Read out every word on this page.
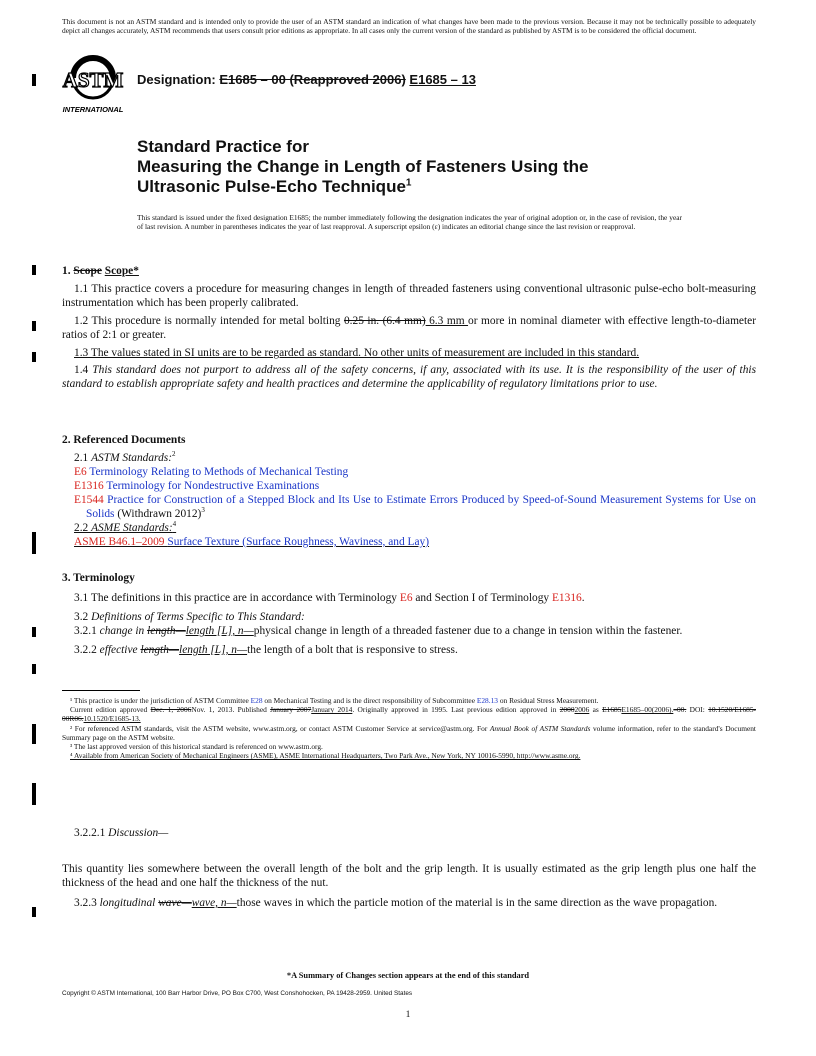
This document is not an ASTM standard and is intended only to provide the user of an ASTM standard an indication of what changes have been made to the previous version. Because it may not be technically possible to adequately depict all changes accurately, ASTM recommends that users consult prior editions as appropriate. In all cases only the current version of the standard as published by ASTM is to be considered the official document.
ASTM
INTERNATIONAL
Designation: E1685 – 00 (Reapproved 2006) E1685 – 13
Standard Practice for
Measuring the Change in Length of Fasteners Using the
Ultrasonic Pulse-Echo Technique$^1$
This standard is issued under the fixed designation E1685; the number immediately following the designation indicates the year of original adoption or, in the case of revision, the year of last revision. A number in parentheses indicates the year of last reapproval. A superscript epsilon (ε) indicates an editorial change since the last revision or reapproval.
1. Scope Scope*

1.1 This practice covers a procedure for measuring changes in length of threaded fasteners using conventional ultrasonic pulse-echo bolt-measuring instrumentation which has been properly calibrated.

1.2 This procedure is normally intended for metal bolting 0.25 in. (6.4 mm) 6.3 mm or more in nominal diameter with effective length-to-diameter ratios of 2:1 or greater.

1.3 The values stated in SI units are to be regarded as standard. No other units of measurement are included in this standard.

1.4 This standard does not purport to address all of the safety concerns, if any, associated with its use. It is the responsibility of the user of this standard to establish appropriate safety and health practices and determine the applicability of regulatory limitations prior to use.

2. Referenced Documents
2.1 ASTM Standards:$^2$
E6 Terminology Relating to Methods of Mechanical Testing
E1316 Terminology for Nondestructive Examinations
E1544 Practice for Construction of a Stepped Block and Its Use to Estimate Errors Produced by Speed-of-Sound Measurement Systems for Use on Solids (Withdrawn 2012)$^3$
2.2 ASME Standards:$^4$
ASME B46.1–2009 Surface Texture (Surface Roughness, Waviness, and Lay)
3. Terminology

3.1 The definitions in this practice are in accordance with Terminology E6 and Section I of Terminology E1316.

3.2 Definitions of Terms Specific to This Standard:

3.2.1 change in length—length [L], n—physical change in length of a threaded fastener due to a change in tension within the fastener.

3.2.2 effective length—length [L], n—the length of a bolt that is responsive to stress.

¹ This practice is under the jurisdiction of ASTM Committee E28 on Mechanical Testing and is the direct responsibility of Subcommittee E28.13 on Residual Stress Measurement.

Current edition approved Dec. 1, 2006Nov. 1, 2013. Published January 2007January 2014. Originally approved in 1995. Last previous edition approved in 20002006 as E1685E1685–00(2006).–00. DOI: 10.1520/E1685-00R06.10.1520/E1685-13.

² For referenced ASTM standards, visit the ASTM website, www.astm.org, or contact ASTM Customer Service at service@astm.org. For Annual Book of ASTM Standards volume information, refer to the standard's Document Summary page on the ASTM website.

³ The last approved version of this historical standard is referenced on www.astm.org.

⁴ Available from American Society of Mechanical Engineers (ASME), ASME International Headquarters, Two Park Ave., New York, NY 10016-5990, http://www.asme.org.

3.2.2.1 Discussion—

This quantity lies somewhere between the overall length of the bolt and the grip length. It is usually estimated as the grip length plus one half the thickness of the head and one half the thickness of the nut.

3.2.3 longitudinal wave—wave, n—those waves in which the particle motion of the material is in the same direction as the wave propagation.

*A Summary of Changes section appears at the end of this standard
Copyright © ASTM International, 100 Barr Harbor Drive, PO Box C700, West Conshohocken, PA 19428-2959. United States
1
